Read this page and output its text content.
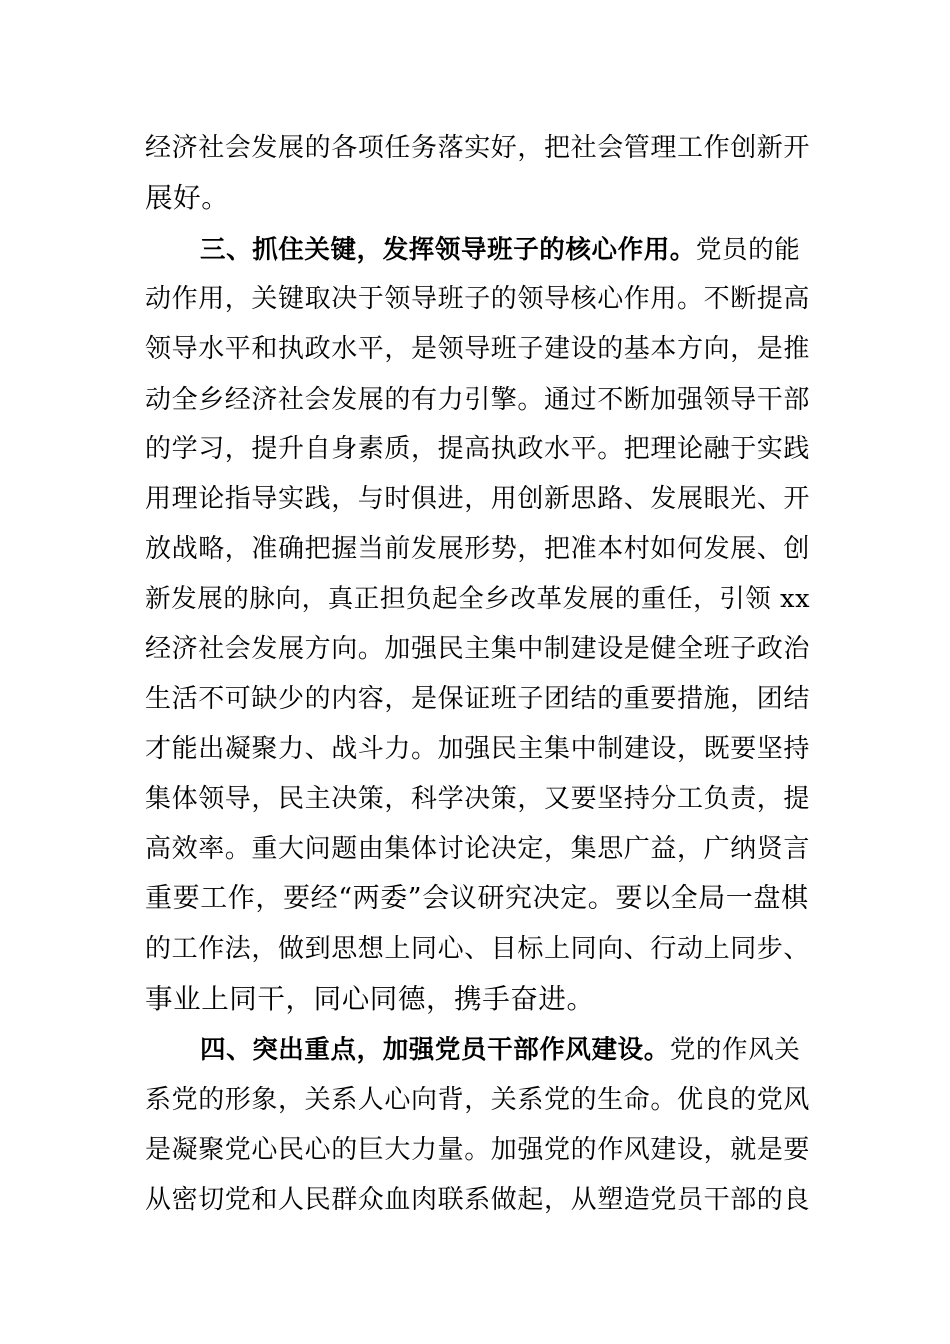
经济社会发展的各项任务落实好，把社会管理工作创新开
展好。
三、抓住关键，发挥领导班子的核心作用。党员的能
动作用，关键取决于领导班子的领导核心作用。不断提高
领导水平和执政水平，是领导班子建设的基本方向，是推
动全乡经济社会发展的有力引擎。通过不断加强领导干部
的学习，提升自身素质，提高执政水平。把理论融于实践
用理论指导实践，与时俱进，用创新思路、发展眼光、开
放战略，准确把握当前发展形势，把准本村如何发展、创
新发展的脉向，真正担负起全乡改革发展的重任，引领 xx
经济社会发展方向。加强民主集中制建设是健全班子政治
生活不可缺少的内容，是保证班子团结的重要措施，团结
才能出凝聚力、战斗力。加强民主集中制建设，既要坚持
集体领导，民主决策，科学决策，又要坚持分工负责，提
高效率。重大问题由集体讨论决定，集思广益，广纳贤言
重要工作，要经“两委”会议研究决定。要以全局一盘棋
的工作法，做到思想上同心、目标上同向、行动上同步、
事业上同干，同心同德，携手奋进。
四、突出重点，加强党员干部作风建设。党的作风关
系党的形象，关系人心向背，关系党的生命。优良的党风
是凝聚党心民心的巨大力量。加强党的作风建设，就是要
从密切党和人民群众血肉联系做起，从塑造党员干部的良
